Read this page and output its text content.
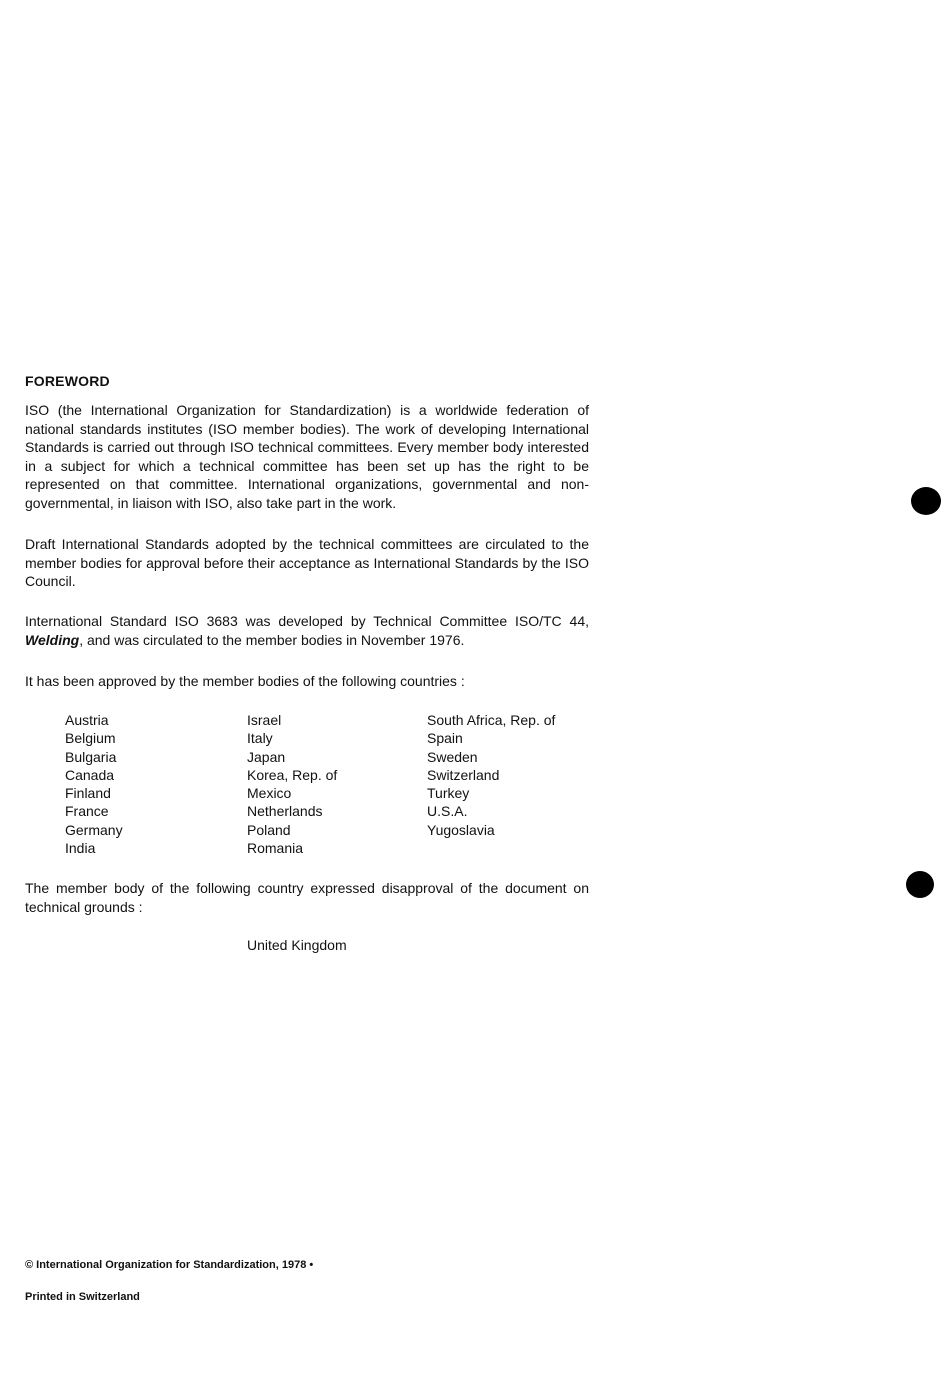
FOREWORD

ISO (the International Organization for Standardization) is a worldwide federation of national standards institutes (ISO member bodies). The work of developing International Standards is carried out through ISO technical committees. Every member body interested in a subject for which a technical committee has been set up has the right to be represented on that committee. International organizations, governmental and non-governmental, in liaison with ISO, also take part in the work.

Draft International Standards adopted by the technical committees are circulated to the member bodies for approval before their acceptance as International Standards by the ISO Council.

International Standard ISO 3683 was developed by Technical Committee ISO/TC 44, Welding, and was circulated to the member bodies in November 1976.

It has been approved by the member bodies of the following countries :

Austria
Belgium
Bulgaria
Canada
Finland
France
Germany
India
Israel
Italy
Japan
Korea, Rep. of
Mexico
Netherlands
Poland
Romania
South Africa, Rep. of
Spain
Sweden
Switzerland
Turkey
U.S.A.
Yugoslavia

The member body of the following country expressed disapproval of the document on technical grounds :

United Kingdom
© International Organization for Standardization, 1978 •
Printed in Switzerland
